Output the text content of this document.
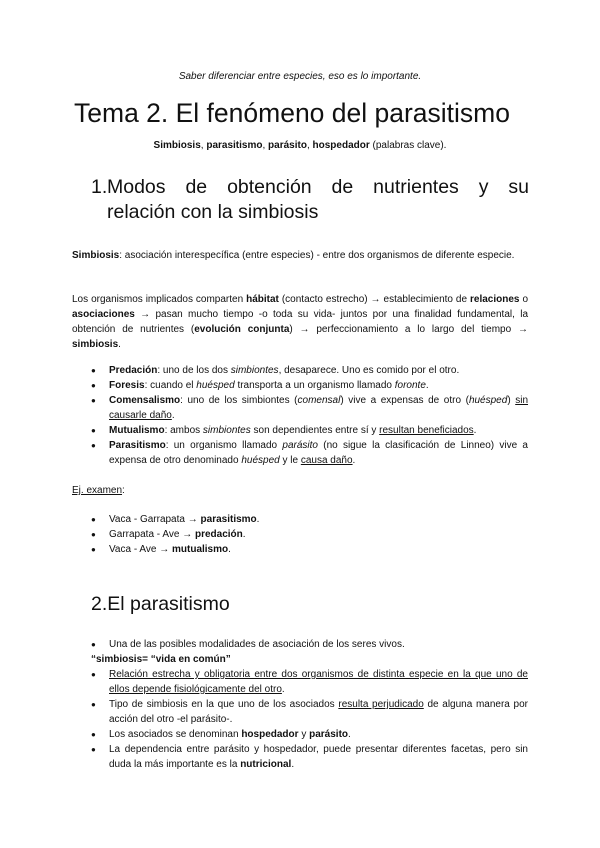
Saber diferenciar entre especies, eso es lo importante.
Tema 2. El fenómeno del parasitismo
Simbiosis, parasitismo, parásito, hospedador (palabras clave).
1. Modos de obtención de nutrientes y su
relación con la simbiosis

Simbiosis: asociación interespecífica (entre especies) - entre dos organismos de diferente especie.

Los organismos implicados comparten hábitat (contacto estrecho) → establecimiento de relaciones o asociaciones → pasan mucho tiempo -o toda su vida- juntos por una finalidad fundamental, la obtención de nutrientes (evolución conjunta) → perfeccionamiento a lo largo del tiempo → simbiosis.

● Predación: uno de los dos simbiontes, desaparece. Uno es comido por el otro.
● Foresis: cuando el huésped transporta a un organismo llamado foronte.
● Comensalismo: uno de los simbiontes (comensal) vive a expensas de otro (huésped) sin causarle daño.
● Mutualismo: ambos simbiontes son dependientes entre sí y resultan beneficiados.
● Parasitismo: un organismo llamado parásito (no sigue la clasificación de Linneo) vive a expensa de otro denominado huésped y le causa daño.

Ej. examen:

● Vaca - Garrapata → parasitismo.
● Garrapata - Ave → predación.
● Vaca - Ave → mutualismo.
2.El parasitismo
● Una de las posibles modalidades de asociación de los seres vivos.
“simbiosis= “vida en común”
● Relación estrecha y obligatoria entre dos organismos de distinta especie en la que uno de ellos depende fisiológicamente del otro.
● Tipo de simbiosis en la que uno de los asociados resulta perjudicado de alguna manera por acción del otro -el parásito-.
● Los asociados se denominan hospedador y parásito.
● La dependencia entre parásito y hospedador, puede presentar diferentes facetas, pero sin duda la más importante es la nutricional.
